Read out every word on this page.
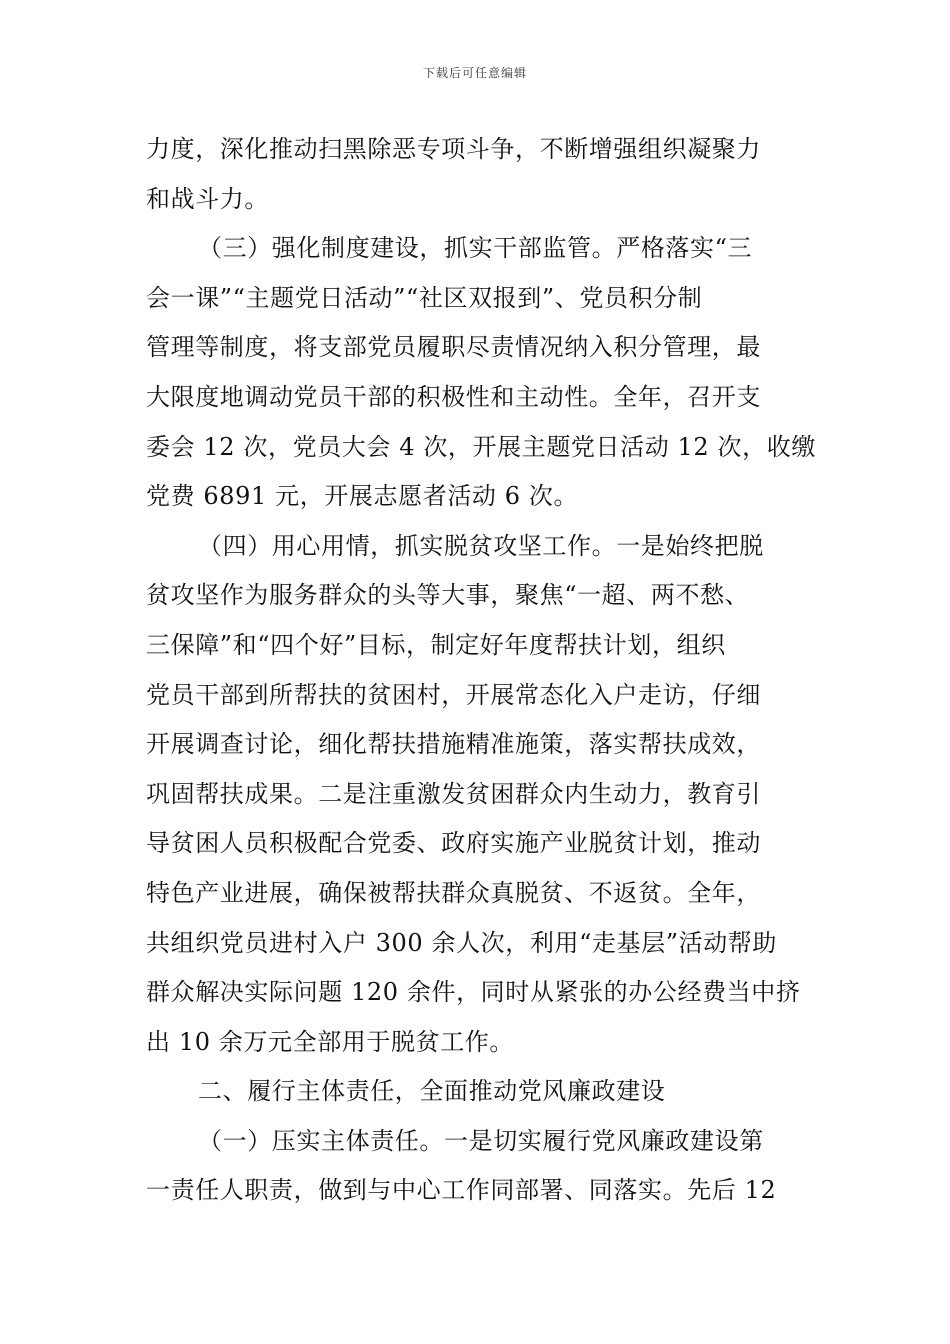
下载后可任意编辑
力度，深化推动扫黑除恶专项斗争，不断增强组织凝聚力
和战斗力。
（三）强化制度建设，抓实干部监管。严格落实“三
会一课”“主题党日活动”“社区双报到”、党员积分制
管理等制度，将支部党员履职尽责情况纳入积分管理，最
大限度地调动党员干部的积极性和主动性。全年，召开支
委会 12 次，党员大会 4 次，开展主题党日活动 12 次，收缴
党费 6891 元，开展志愿者活动 6 次。
（四）用心用情，抓实脱贫攻坚工作。一是始终把脱
贫攻坚作为服务群众的头等大事，聚焦“一超、两不愁、
三保障”和“四个好”目标，制定好年度帮扶计划，组织
党员干部到所帮扶的贫困村，开展常态化入户走访，仔细
开展调查讨论，细化帮扶措施精准施策，落实帮扶成效，
巩固帮扶成果。二是注重激发贫困群众内生动力，教育引
导贫困人员积极配合党委、政府实施产业脱贫计划，推动
特色产业进展，确保被帮扶群众真脱贫、不返贫。全年，
共组织党员进村入户 300 余人次，利用“走基层”活动帮助
群众解决实际问题 120 余件，同时从紧张的办公经费当中挤
出 10 余万元全部用于脱贫工作。
二、履行主体责任，全面推动党风廉政建设
（一）压实主体责任。一是切实履行党风廉政建设第
一责任人职责，做到与中心工作同部署、同落实。先后 12
